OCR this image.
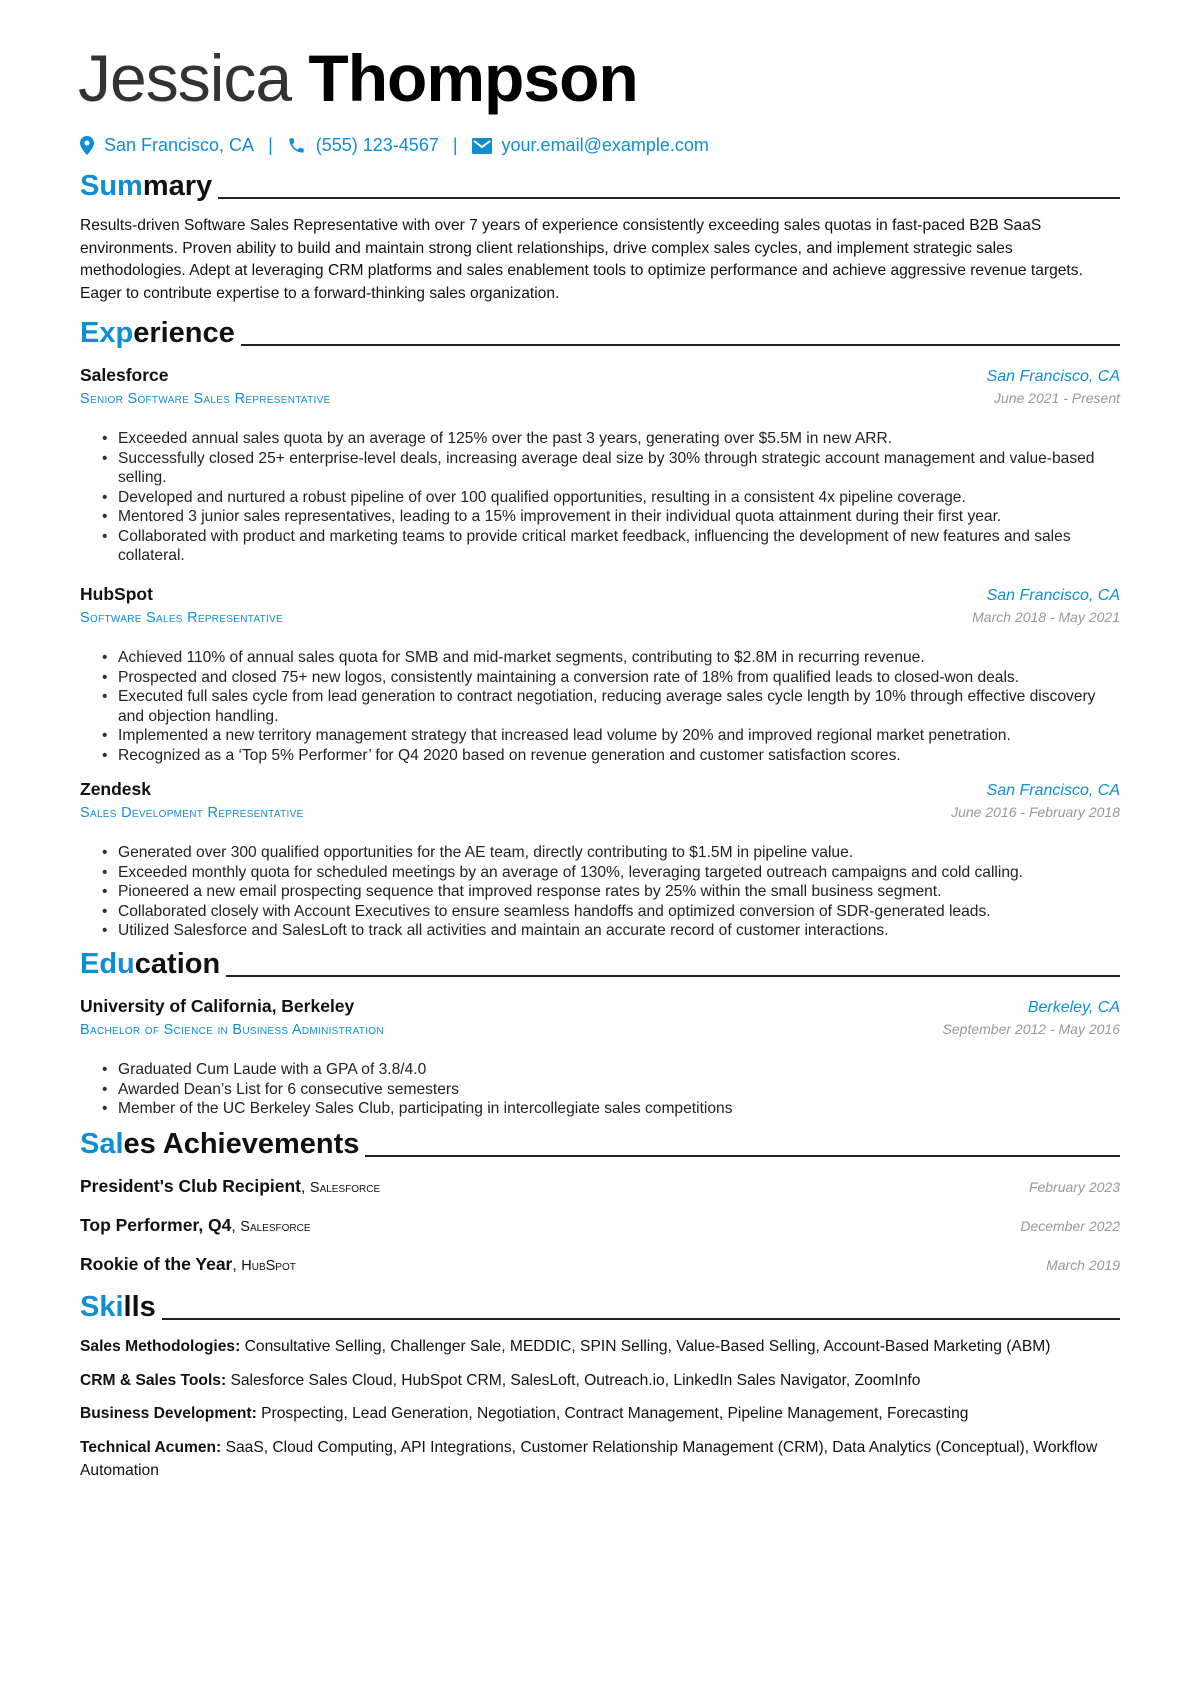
Jessica Thompson
San Francisco, CA | (555) 123-4567 | your.email@example.com
Summary

Results-driven Software Sales Representative with over 7 years of experience consistently exceeding sales quotas in fast-paced B2B SaaS environments. Proven ability to build and maintain strong client relationships, drive complex sales cycles, and implement strategic sales methodologies. Adept at leveraging CRM platforms and sales enablement tools to optimize performance and achieve aggressive revenue targets. Eager to contribute expertise to a forward-thinking sales organization.

Experience
Salesforce	San Francisco, CA
Senior Software Sales Representative	June 2021 - Present
• Exceeded annual sales quota by an average of 125% over the past 3 years, generating over $5.5M in new ARR.
• Successfully closed 25+ enterprise-level deals, increasing average deal size by 30% through strategic account management and value-based selling.
• Developed and nurtured a robust pipeline of over 100 qualified opportunities, resulting in a consistent 4x pipeline coverage.
• Mentored 3 junior sales representatives, leading to a 15% improvement in their individual quota attainment during their first year.
• Collaborated with product and marketing teams to provide critical market feedback, influencing the development of new features and sales collateral.
HubSpot	San Francisco, CA
Software Sales Representative	March 2018 - May 2021
• Achieved 110% of annual sales quota for SMB and mid-market segments, contributing to $2.8M in recurring revenue.
• Prospected and closed 75+ new logos, consistently maintaining a conversion rate of 18% from qualified leads to closed-won deals.
• Executed full sales cycle from lead generation to contract negotiation, reducing average sales cycle length by 10% through effective discovery and objection handling.
• Implemented a new territory management strategy that increased lead volume by 20% and improved regional market penetration.
• Recognized as a ‘Top 5% Performer’ for Q4 2020 based on revenue generation and customer satisfaction scores.
Zendesk	San Francisco, CA
Sales Development Representative	June 2016 - February 2018
• Generated over 300 qualified opportunities for the AE team, directly contributing to $1.5M in pipeline value.
• Exceeded monthly quota for scheduled meetings by an average of 130%, leveraging targeted outreach campaigns and cold calling.
• Pioneered a new email prospecting sequence that improved response rates by 25% within the small business segment.
• Collaborated closely with Account Executives to ensure seamless handoffs and optimized conversion of SDR-generated leads.
• Utilized Salesforce and SalesLoft to track all activities and maintain an accurate record of customer interactions.
Education
University of California, Berkeley	Berkeley, CA
Bachelor of Science in Business Administration	September 2012 - May 2016
• Graduated Cum Laude with a GPA of 3.8/4.0
• Awarded Dean’s List for 6 consecutive semesters
• Member of the UC Berkeley Sales Club, participating in intercollegiate sales competitions
Sales Achievements
President's Club Recipient, Salesforce	February 2023
Top Performer, Q4, Salesforce	December 2022
Rookie of the Year, HubSpot	March 2019
Skills
Sales Methodologies: Consultative Selling, Challenger Sale, MEDDIC, SPIN Selling, Value-Based Selling, Account-Based Marketing (ABM)
CRM & Sales Tools: Salesforce Sales Cloud, HubSpot CRM, SalesLoft, Outreach.io, LinkedIn Sales Navigator, ZoomInfo
Business Development: Prospecting, Lead Generation, Negotiation, Contract Management, Pipeline Management, Forecasting
Technical Acumen: SaaS, Cloud Computing, API Integrations, Customer Relationship Management (CRM), Data Analytics (Conceptual), Workflow Automation
